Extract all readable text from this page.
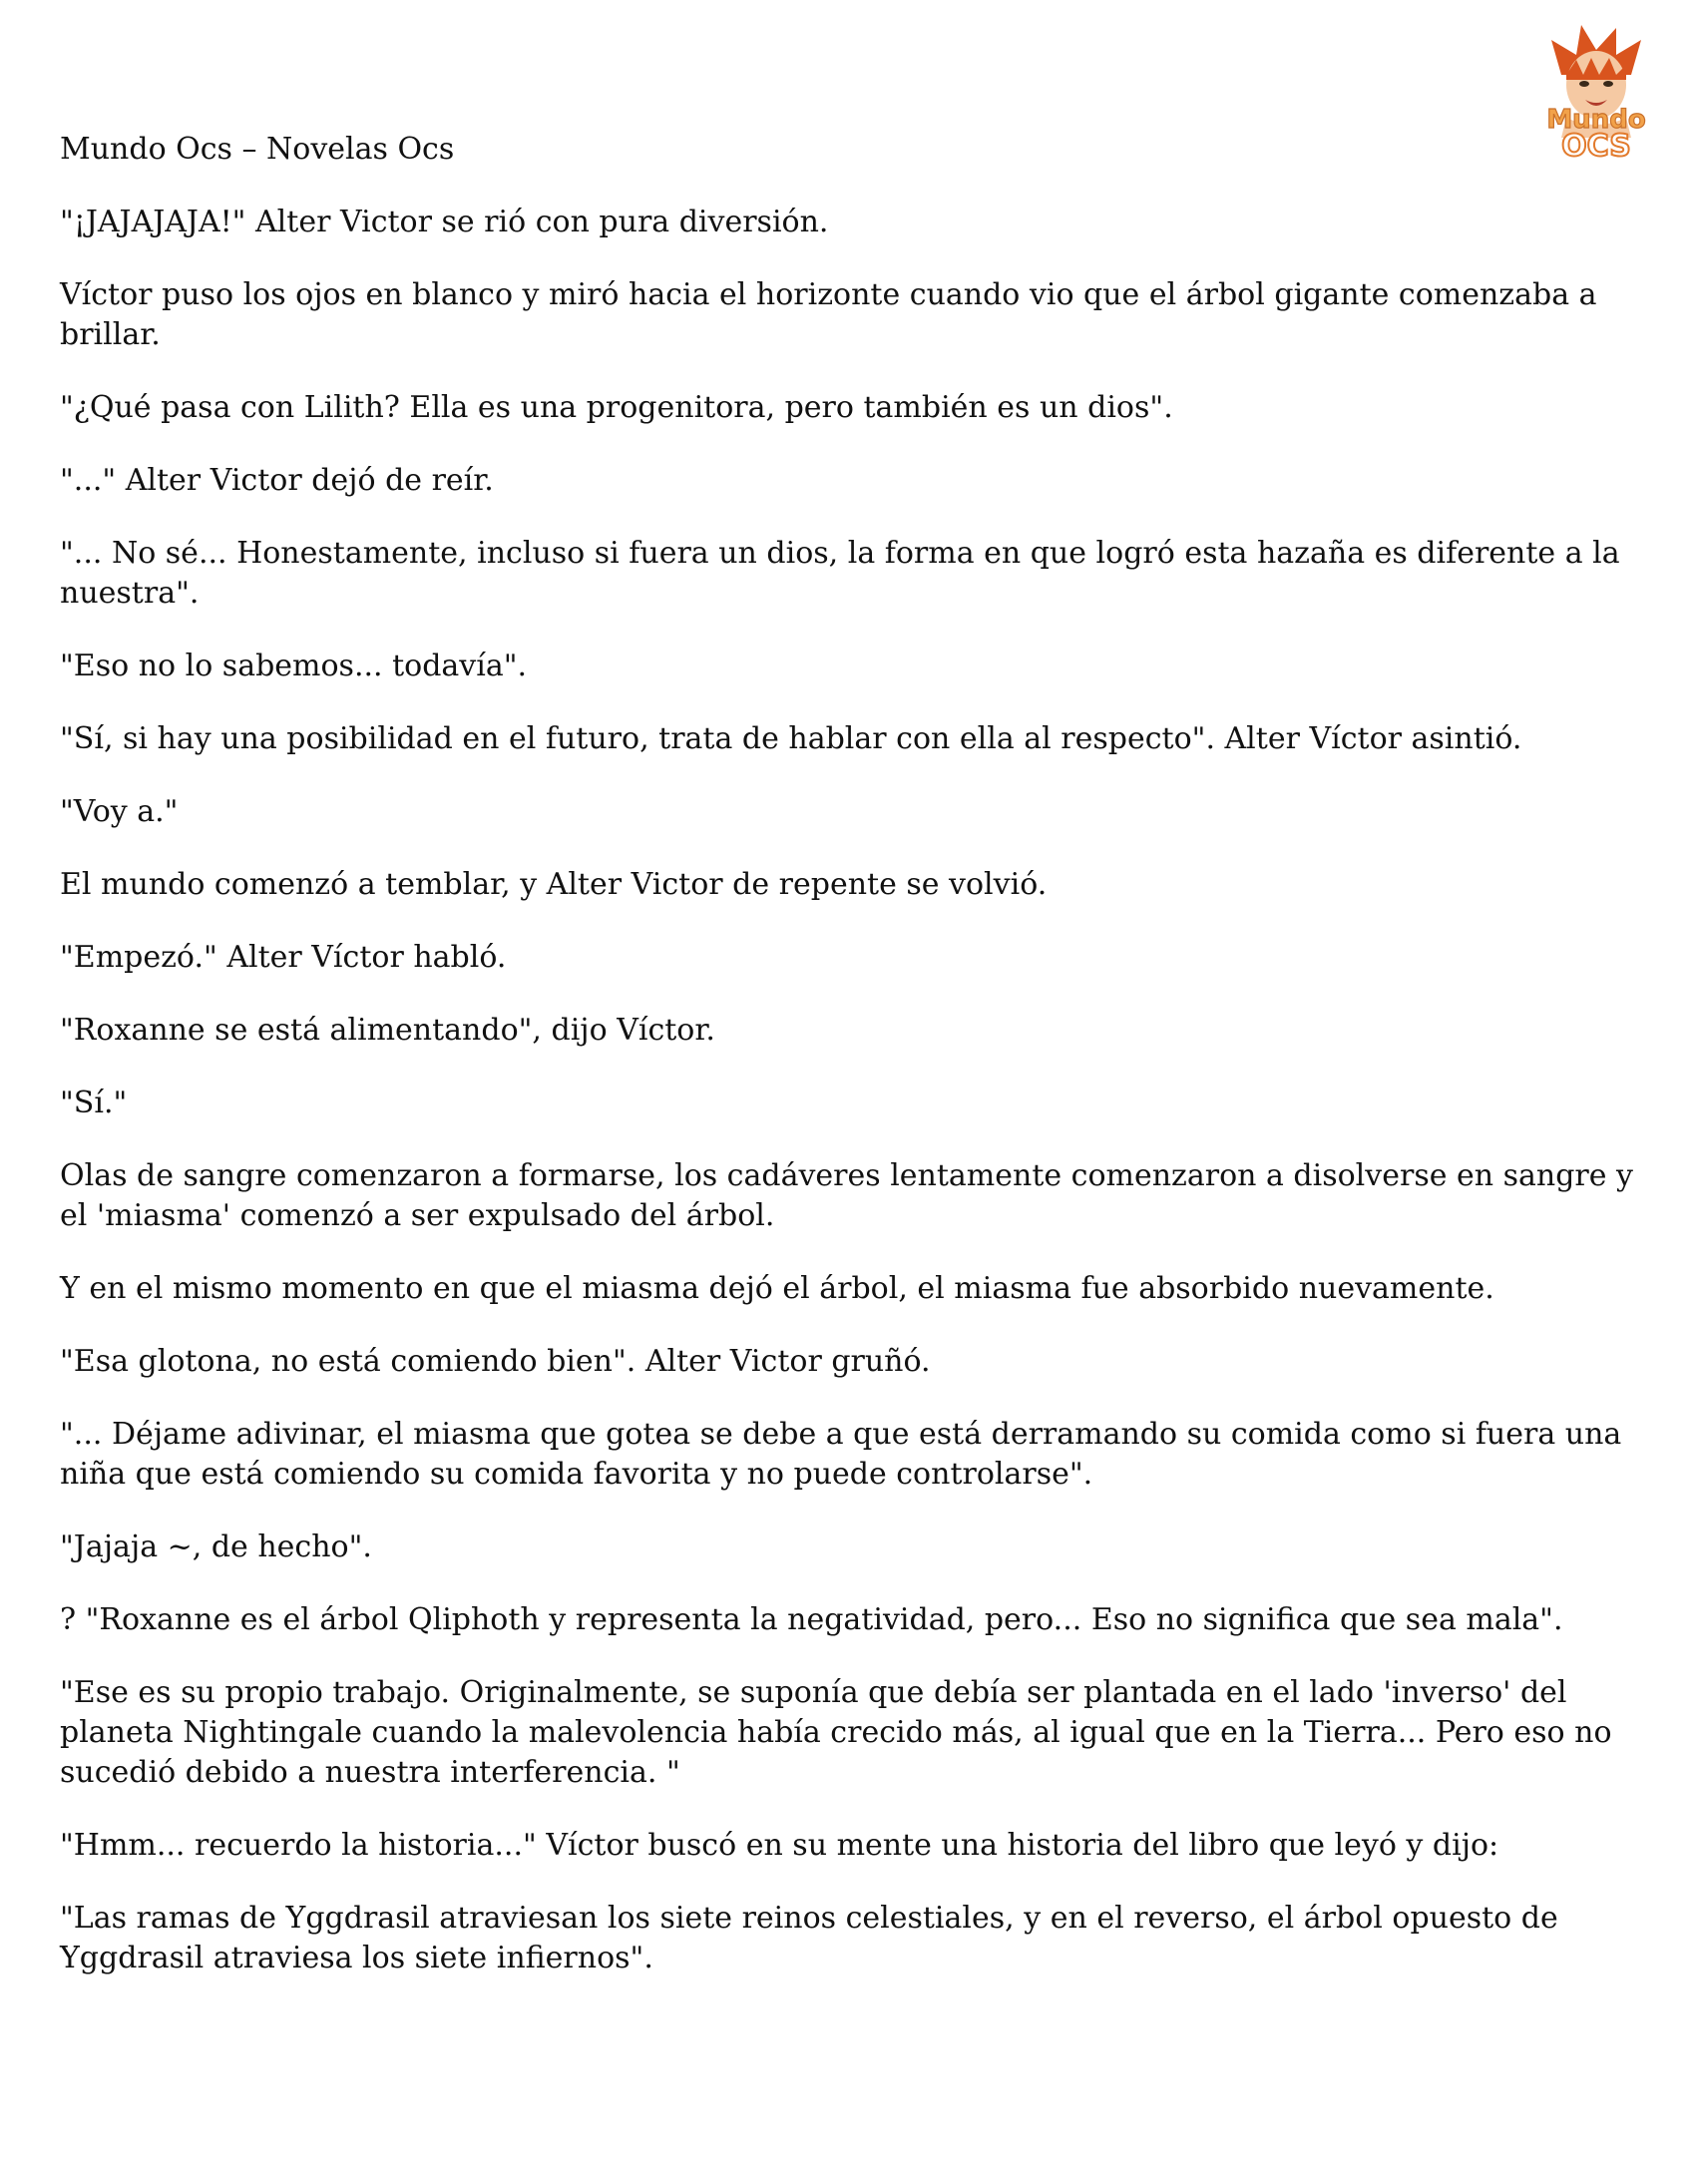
Mundo
OCS
Mundo Ocs – Novelas Ocs

"¡JAJAJAJA!" Alter Victor se rió con pura diversión.

Víctor puso los ojos en blanco y miró hacia el horizonte cuando vio que el árbol gigante comenzaba a brillar.

"¿Qué pasa con Lilith? Ella es una progenitora, pero también es un dios".

"..." Alter Victor dejó de reír.

"... No sé... Honestamente, incluso si fuera un dios, la forma en que logró esta hazaña es diferente a la nuestra".

"Eso no lo sabemos... todavía".

"Sí, si hay una posibilidad en el futuro, trata de hablar con ella al respecto". Alter Víctor asintió.

"Voy a."

El mundo comenzó a temblar, y Alter Victor de repente se volvió.

"Empezó." Alter Víctor habló.

"Roxanne se está alimentando", dijo Víctor.

"Sí."

Olas de sangre comenzaron a formarse, los cadáveres lentamente comenzaron a disolverse en sangre y el 'miasma' comenzó a ser expulsado del árbol.

Y en el mismo momento en que el miasma dejó el árbol, el miasma fue absorbido nuevamente.

"Esa glotona, no está comiendo bien". Alter Victor gruñó.

"... Déjame adivinar, el miasma que gotea se debe a que está derramando su comida como si fuera una niña que está comiendo su comida favorita y no puede controlarse".

"Jajaja ~, de hecho".

? "Roxanne es el árbol Qliphoth y representa la negatividad, pero... Eso no significa que sea mala".

"Ese es su propio trabajo. Originalmente, se suponía que debía ser plantada en el lado 'inverso' del planeta Nightingale cuando la malevolencia había crecido más, al igual que en la Tierra... Pero eso no sucedió debido a nuestra interferencia. "

"Hmm... recuerdo la historia..." Víctor buscó en su mente una historia del libro que leyó y dijo:

"Las ramas de Yggdrasil atraviesan los siete reinos celestiales, y en el reverso, el árbol opuesto de Yggdrasil atraviesa los siete infiernos".
